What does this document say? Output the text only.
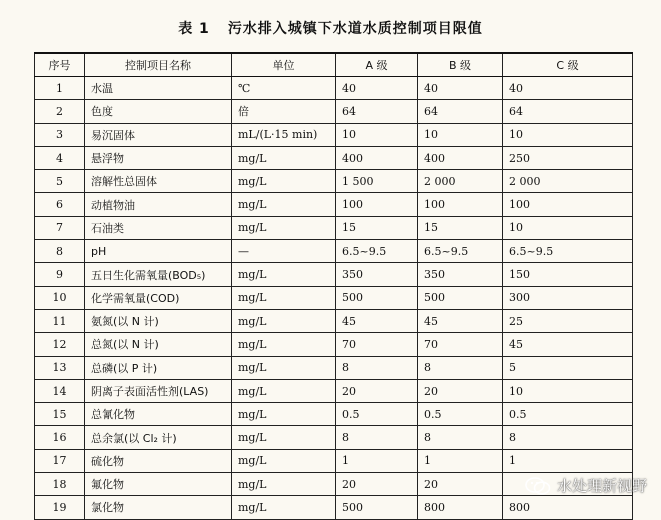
表 1 污水排入城镇下水道水质控制项目限值
序号	控制项目名称	单位	A 级	B 级	C 级
1	水温	℃	40	40	40
2	色度	倍	64	64	64
3	易沉固体	mL/(L·15 min)	10	10	10
4	悬浮物	mg/L	400	400	250
5	溶解性总固体	mg/L	1 500	2 000	2 000
6	动植物油	mg/L	100	100	100
7	石油类	mg/L	15	15	10
8	pH	—	6.5~9.5	6.5~9.5	6.5~9.5
9	五日生化需氧量(BOD₅)	mg/L	350	350	150
10	化学需氧量(COD)	mg/L	500	500	300
11	氨氮(以 N 计)	mg/L	45	45	25
12	总氮(以 N 计)	mg/L	70	70	45
13	总磷(以 P 计)	mg/L	8	8	5
14	阴离子表面活性剂(LAS)	mg/L	20	20	10
15	总氰化物	mg/L	0.5	0.5	0.5
16	总余氯(以 Cl₂ 计)	mg/L	8	8	8
17	硫化物	mg/L	1	1	1
18	氟化物	mg/L	20	20	
19	氯化物	mg/L	500	800	800
水处理新视野
